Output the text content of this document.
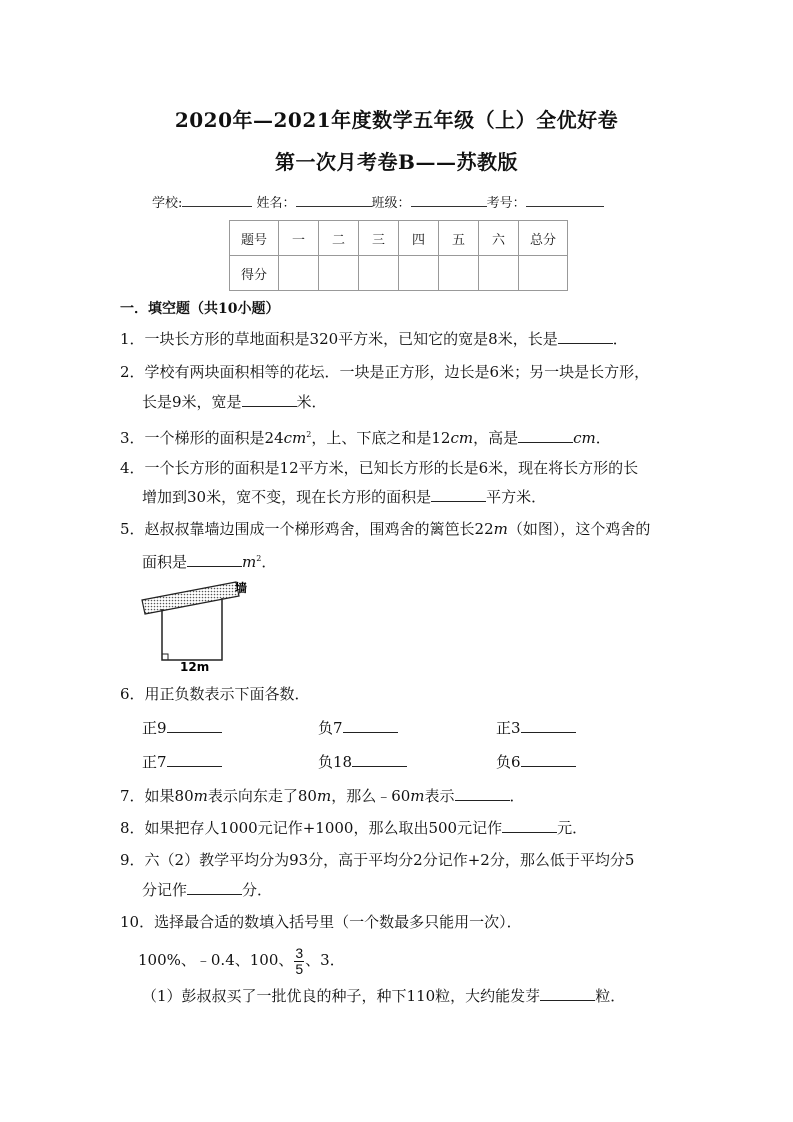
2020年—2021年度数学五年级（上）全优好卷
第一次月考卷B——苏教版
学校:	姓名：	班级：	考号：
题号	一	二	三	四	五	六	总分
得分							
一．填空题（共10小题）
1．一块长方形的草地面积是320平方米，已知它的宽是8米，长是	．
2．学校有两块面积相等的花坛．一块是正方形，边长是6米；另一块是长方形，
长是9米，宽是	米．
3．一个梯形的面积是$24cm^2$，上、下底之和是12cm，高是	cm．
4．一个长方形的面积是12平方米，已知长方形的长是6米，现在将长方形的长
增加到30米，宽不变，现在长方形的面积是	平方米．
5．赵叔叔靠墙边围成一个梯形鸡舍，围鸡舍的篱笆长22m（如图），这个鸡舍的
面积是	$m^2$．
墙
12m
6．用正负数表示下面各数．
正9	负7	正3
正7	负18	负6
7．如果80m表示向东走了80m，那么﹣60m表示	．
8．如果把存人1000元记作+1000，那么取出500元记作	元．
9．六（2）教学平均分为93分，高于平均分2分记作+2分，那么低于平均分5
分记作	分．
10．选择最合适的数填入括号里（一个数最多只能用一次）．
100%、﹣0.4、100、 $\frac{3}{5}$ 、3．
（1）彭叔叔买了一批优良的种子，种下110粒，大约能发芽	粒．
